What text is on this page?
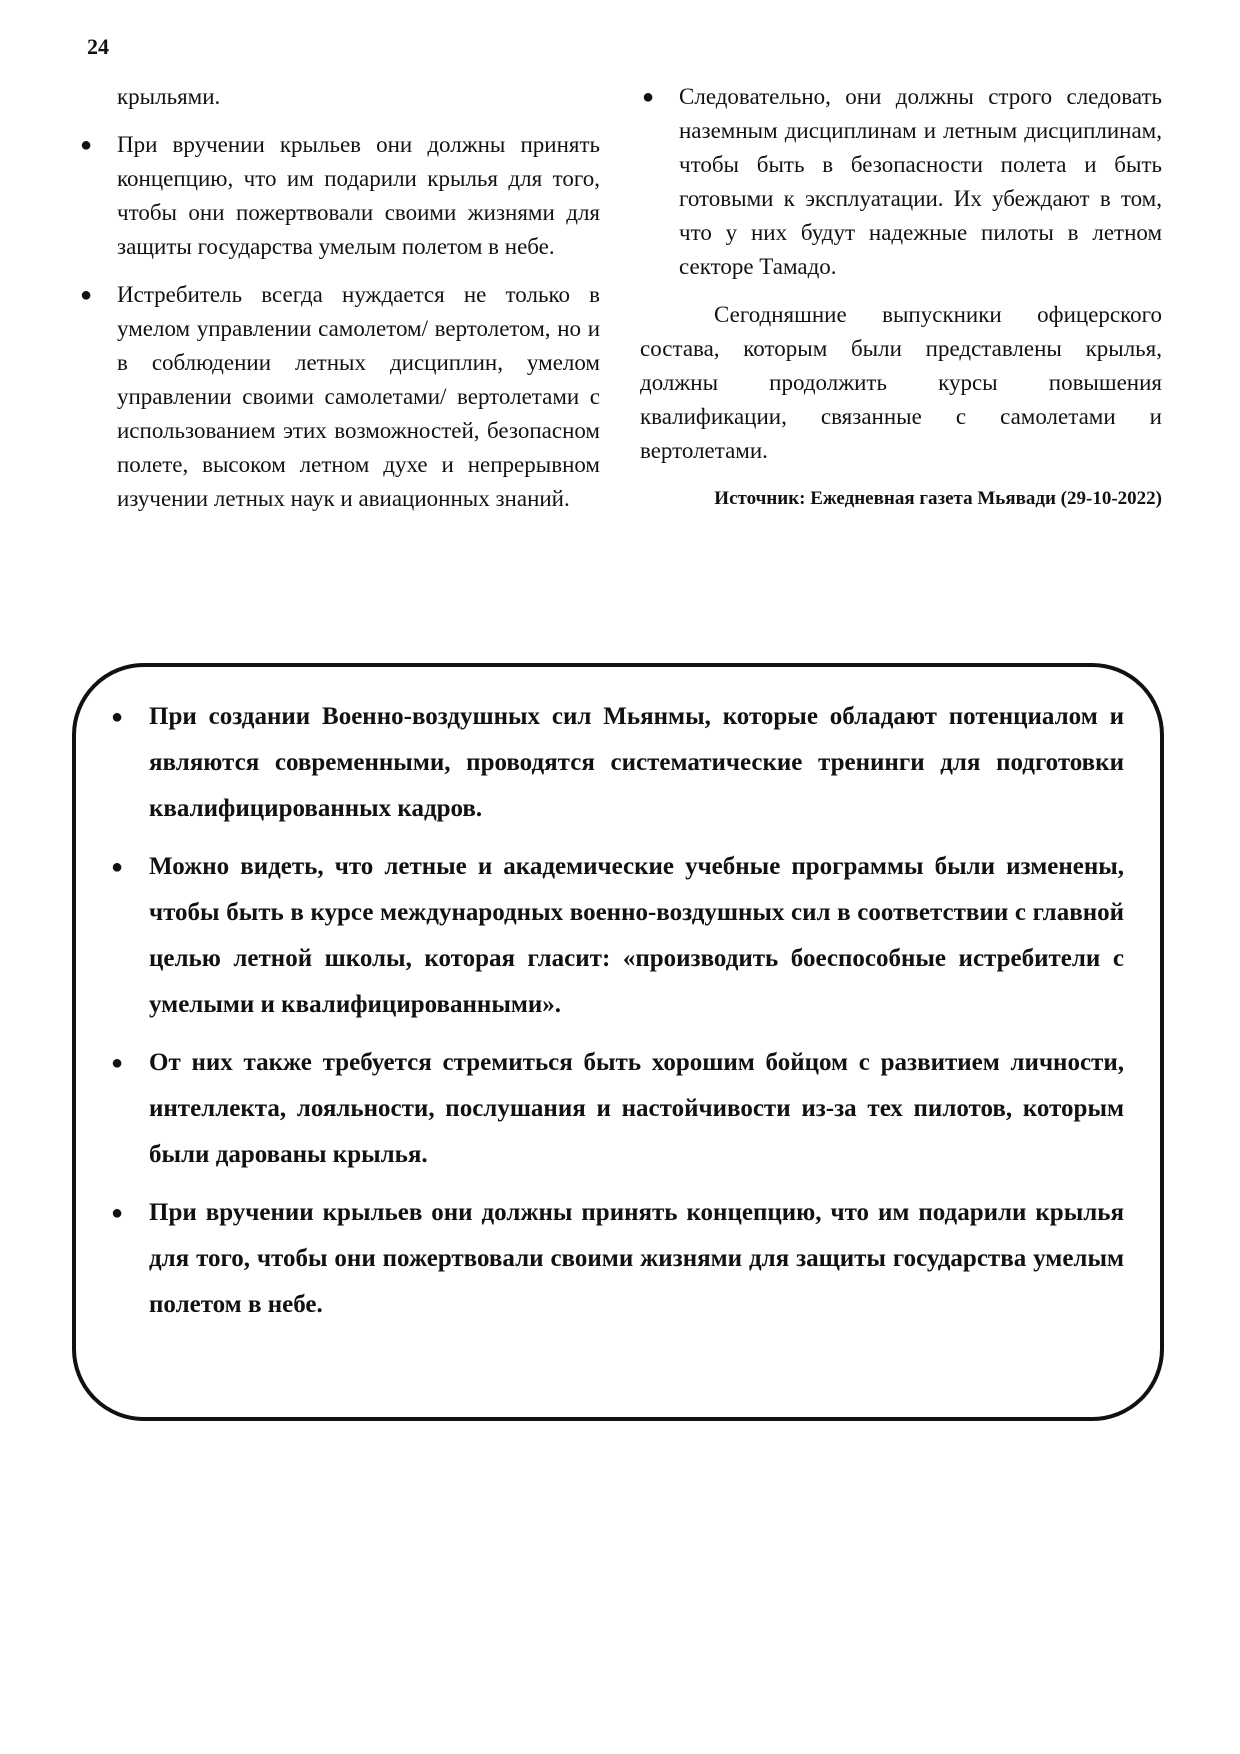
24

крыльями.

● При вручении крыльев они должны принять концепцию, что им подарили крылья для того, чтобы они пожертвовали своими жизнями для защиты государства умелым полетом в небе.
● Истребитель всегда нуждается не только в умелом управлении самолетом/ вертолетом, но и в соблюдении летных дисциплин, умелом управлении своими самолетами/ вертолетами с использованием этих возможностей, безопасном полете, высоком летном духе и непрерывном изучении летных наук и авиационных знаний.
● Следовательно, они должны строго следовать наземным дисциплинам и летным дисциплинам, чтобы быть в безопасности полета и быть готовыми к эксплуатации. Их убеждают в том, что у них будут надежные пилоты в летном секторе Тамадо.

Сегодняшние выпускники офицерского состава, которым были представлены крылья, должны продолжить курсы повышения квалификации, связанные с самолетами и вертолетами.

Источник: Ежедневная газета Мьявади (29-10-2022)
● При создании Военно-воздушных сил Мьянмы, которые обладают потенциалом и являются современными, проводятся систематические тренинги для подготовки квалифицированных кадров.
● Можно видеть, что летные и академические учебные программы были изменены, чтобы быть в курсе международных военно-воздушных сил в соответствии с главной целью летной школы, которая гласит: «производить боеспособные истребители с умелыми и квалифицированными».
● От них также требуется стремиться быть хорошим бойцом с развитием личности, интеллекта, лояльности, послушания и настойчивости из-за тех пилотов, которым были дарованы крылья.
● При вручении крыльев они должны принять концепцию, что им подарили крылья для того, чтобы они пожертвовали своими жизнями для защиты государства умелым полетом в небе.
